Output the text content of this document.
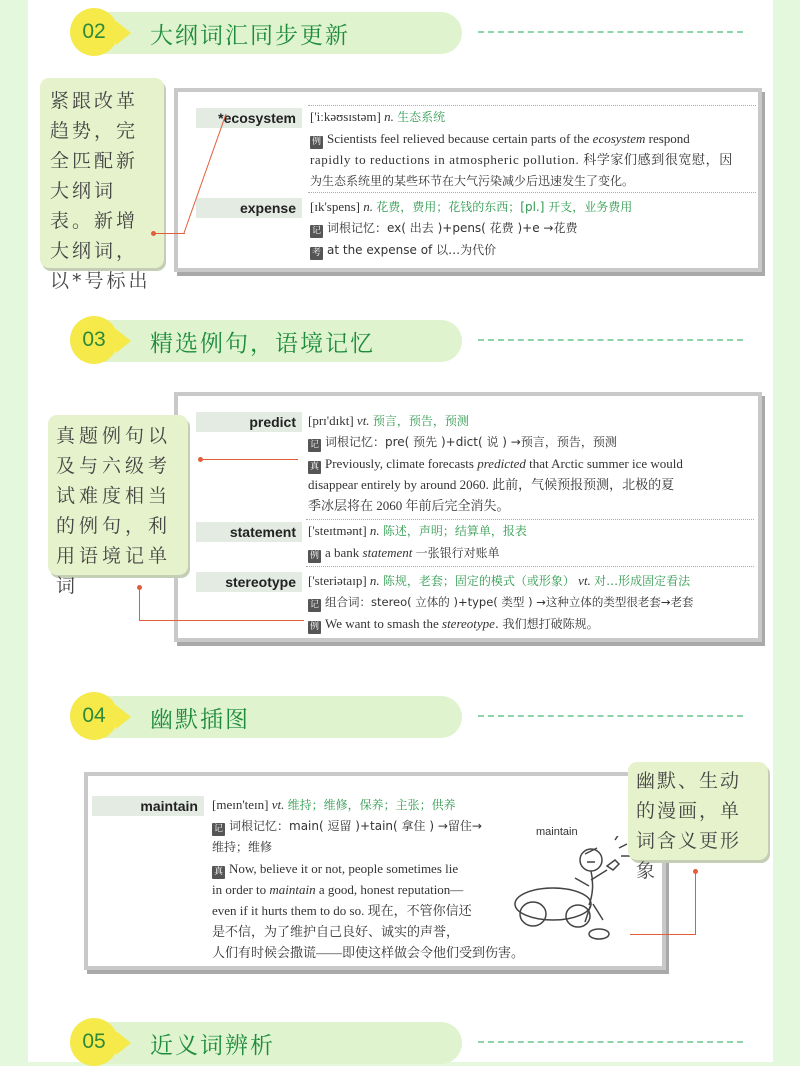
02	大纲词汇同步更新
*ecosystem	['iːkəʊsɪstəm] n. 生态系统
例 Scientists feel relieved because certain parts of the ecosystem respond
rapidly to reductions in atmospheric pollution. 科学家们感到很宽慰，因
为生态系统里的某些环节在大气污染减少后迅速发生了变化。
expense	[ɪk'spens] n. 花费，费用；花钱的东西；[pl.] 开支，业务费用
记 词根记忆：ex( 出去 )+pens( 花费 )+e →花费
考 at the expense of 以…为代价
紧跟改革趋势，完全匹配新大纲词表。新增大纲词，以*号标出
03	精选例句，语境记忆
predict [prɪ'dɪkt] vt. 预言，预告，预测
记 词根记忆：pre( 预先 )+dict( 说 ) →预言，预告，预测
真 Previously, climate forecasts predicted that Arctic summer ice would
disappear entirely by around 2060. 此前，气候预报预测，北极的夏
季冰层将在 2060 年前后完全消失。
statement ['steɪtmənt] n. 陈述，声明；结算单，报表
例 a bank statement 一张银行对账单
stereotype ['steriətaɪp] n. 陈规，老套；固定的模式（或形象） vt. 对…形成固定看法
记 组合词：stereo( 立体的 )+type( 类型 ) →这种立体的类型很老套→老套
例 We want to smash the stereotype. 我们想打破陈规。
真题例句以及与六级考试难度相当的例句，利用语境记单词
04	幽默插图
maintain	[meɪn'teɪn] vt. 维持；维修，保养；主张；供养
记 词根记忆：main( 逗留 )+tain( 拿住 ) →留住→
维持；维修
真 Now, believe it or not, people sometimes lie
in order to maintain a good, honest reputation—
even if it hurts them to do so. 现在，不管你信还
是不信，为了维护自己良好、诚实的声誉，
人们有时候会撒谎——即使这样做会令他们受到伤害。
maintain
幽默、生动的漫画，单词含义更形象
05	近义词辨析
